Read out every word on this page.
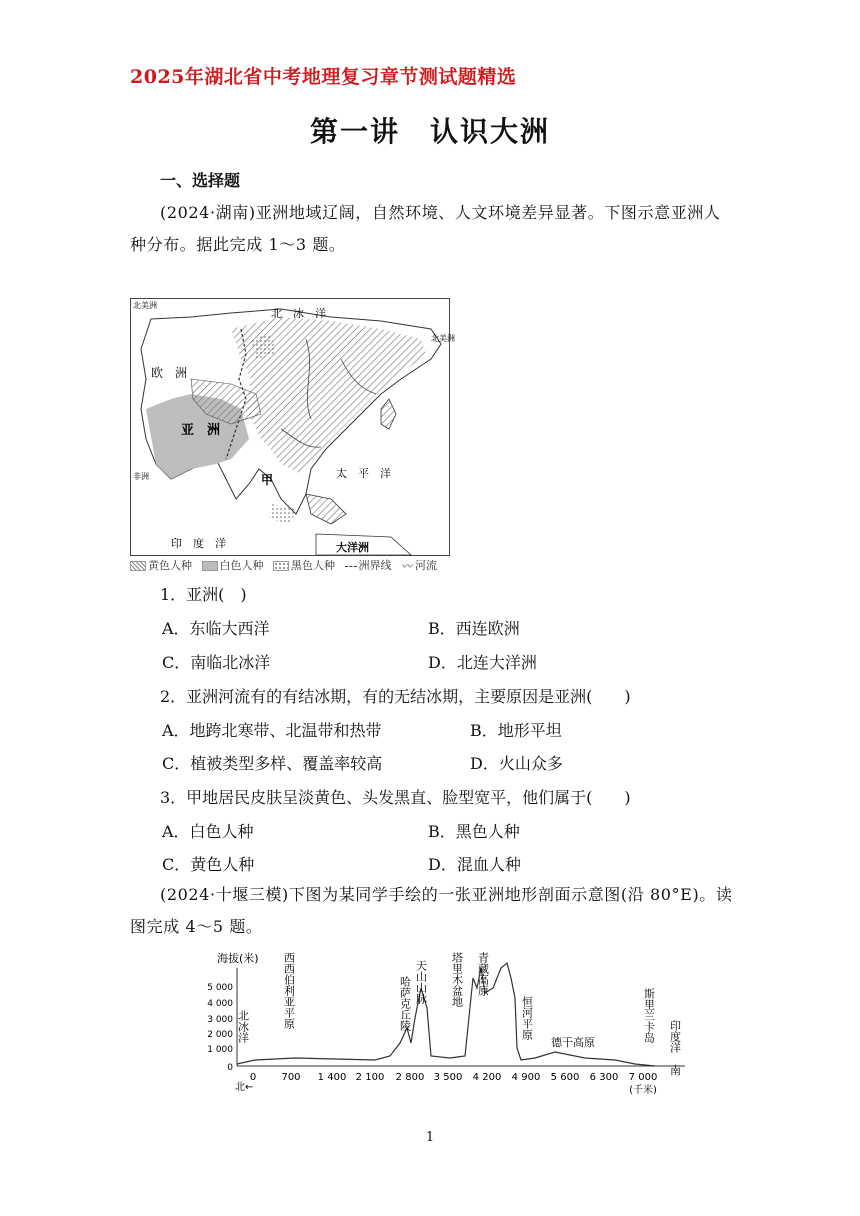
2025年湖北省中考地理复习章节测试题精选
第一讲　认识大洲
一、选择题
(2024·湖南)亚洲地域辽阔，自然环境、人文环境差异显著。下图示意亚洲人
种分布。据此完成 1～3 题。
北　冰　洋
欧　洲
亚　洲
太　平　洋
甲
印　度　洋	大洋洲
北美洲
北美洲
非洲
黄色人种	白色人种	黑色人种 洲界线 〰 河流
1．亚洲(　)
A．东临大西洋	B．西连欧洲
C．南临北冰洋	D．北连大洋洲
2．亚洲河流有的有结冰期，有的无结冰期，主要原因是亚洲(　　)
A．地跨北寒带、北温带和热带	B．地形平坦
C．植被类型多样、覆盖率较高	D．火山众多
3．甲地居民皮肤呈淡黄色、头发黑直、脸型宽平，他们属于(　　)
A．白色人种	B．黑色人种
C．黄色人种	D．混血人种
(2024·十堰三模)下图为某同学手绘的一张亚洲地形剖面示意图(沿 80°E)。读
图完成 4～5 题。
海拔(米)
5 000
4 000
3 000
2 000
1 000
0
0	700 1 400 2 100 2 800 3 500 4 200 4 900 5 600 6 300 7 000
(千米)
北 ←
南
北冰洋	西西伯利亚平原	哈萨克丘陵 天山山脉 塔里木盆地 青藏高原
恒河平原
德干高原	斯里兰卡岛 印度洋
1
